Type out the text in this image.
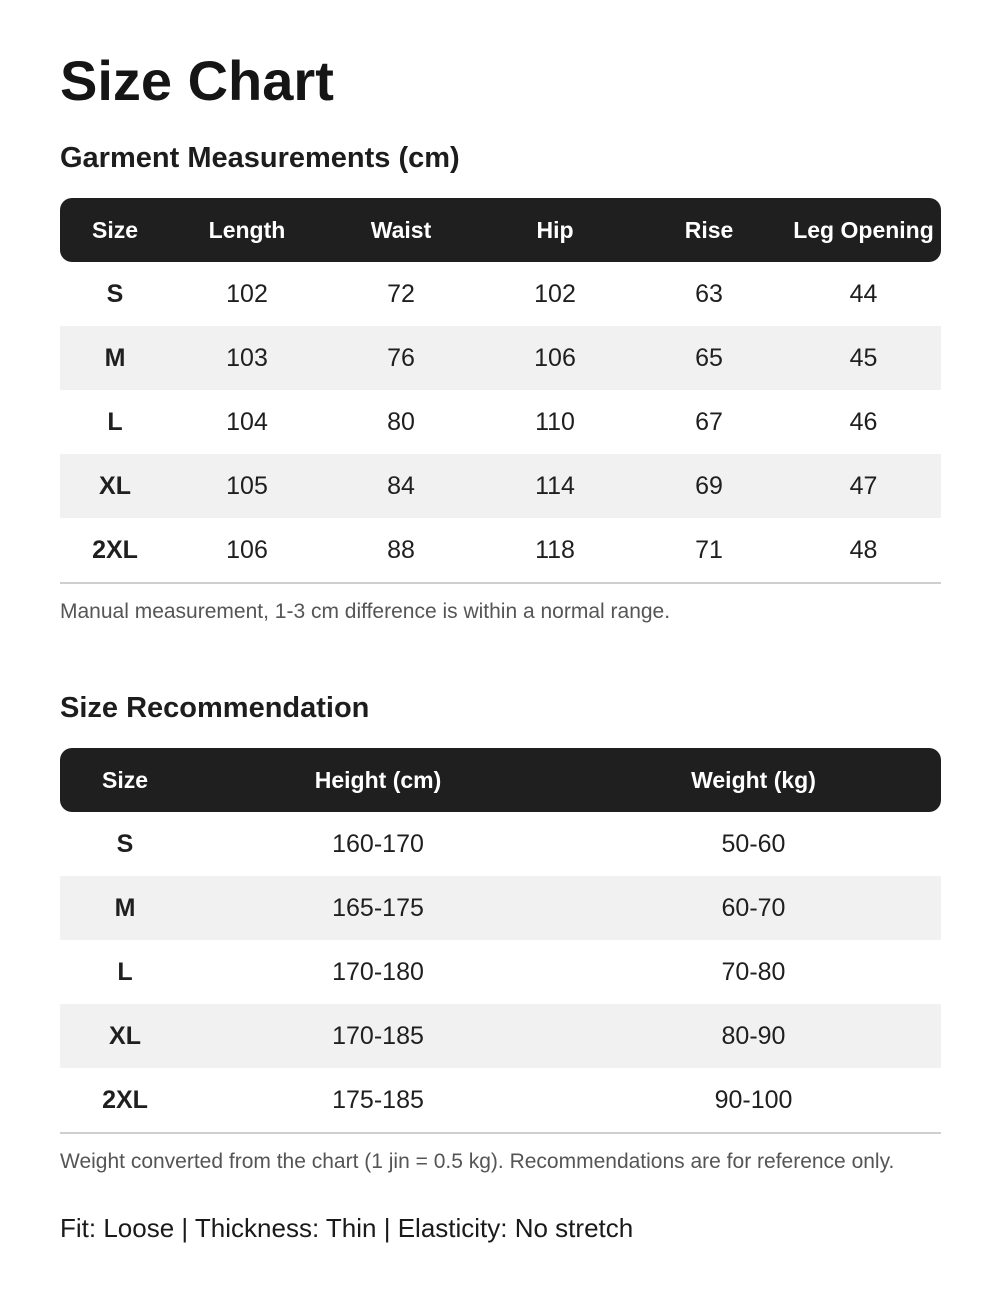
Size Chart
Garment Measurements (cm)
Size	Length	Waist	Hip	Rise	Leg Opening
S	102	72	102	63	44
M	103	76	106	65	45
L	104	80	110	67	46
XL	105	84	114	69	47
2XL	106	88	118	71	48

Manual measurement, 1-3 cm difference is within a normal range.

Size Recommendation
Size	Height (cm)	Weight (kg)
S	160-170	50-60
M	165-175	60-70
L	170-180	70-80
XL	170-185	80-90
2XL	175-185	90-100

Weight converted from the chart (1 jin = 0.5 kg). Recommendations are for reference only.

Fit: Loose | Thickness: Thin | Elasticity: No stretch
